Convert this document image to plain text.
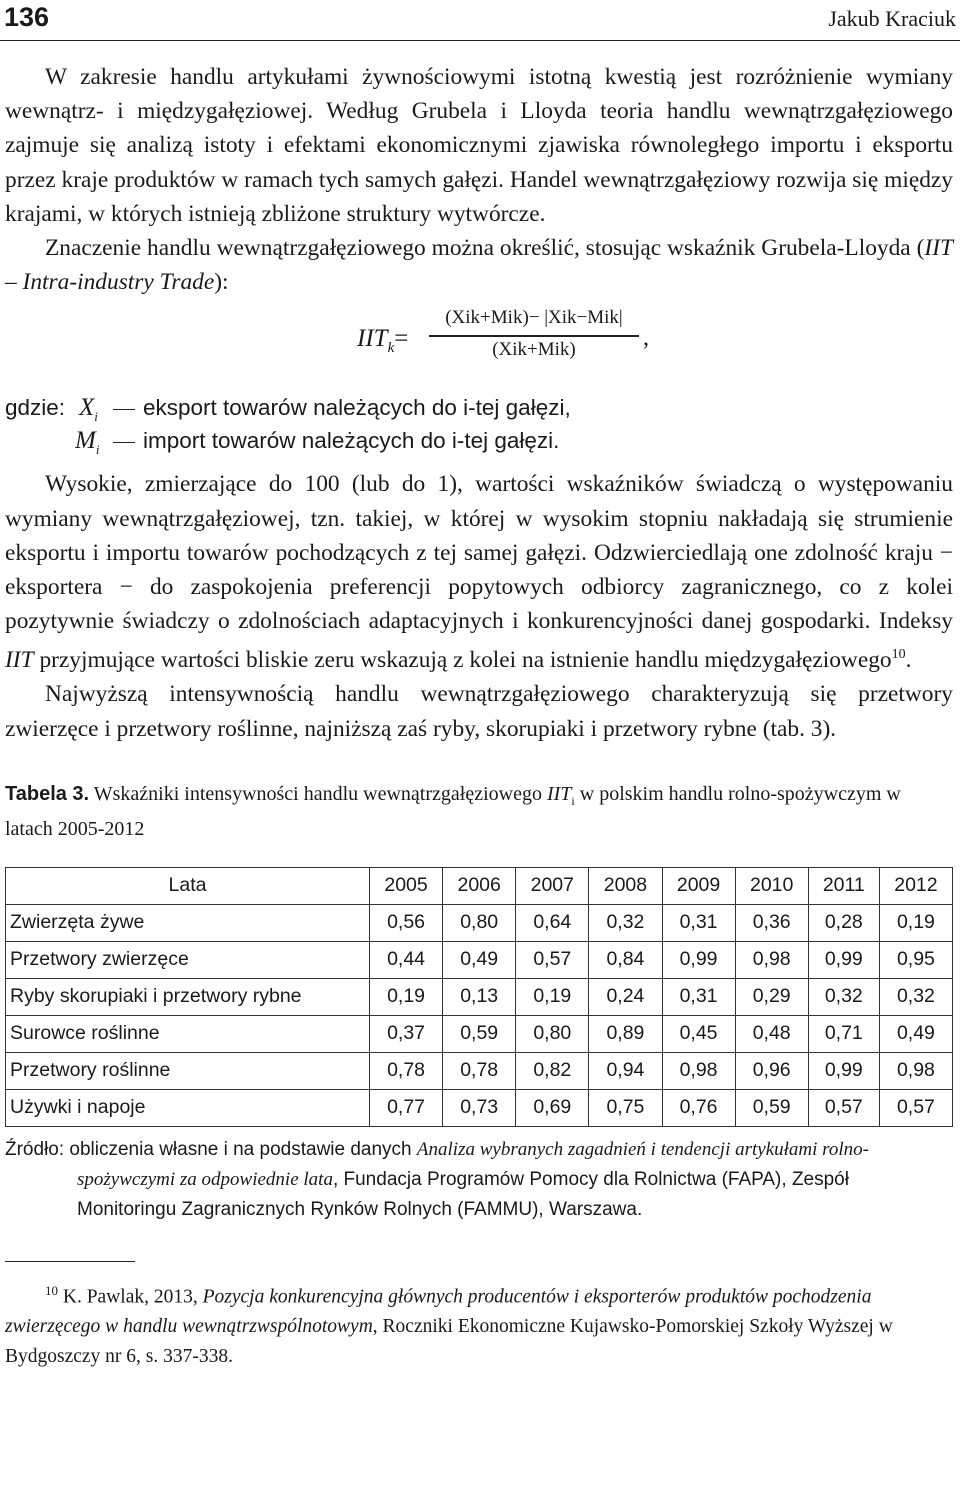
136	Jakub Kraciuk

W zakresie handlu artykułami żywnościowymi istotną kwestią jest rozróżnienie wymiany wewnątrz- i międzygałęziowej. Według Grubela i Lloyda teoria handlu wewnątrzgałęziowego zajmuje się analizą istoty i efektami ekonomicznymi zjawiska równoległego importu i eksportu przez kraje produktów w ramach tych samych gałęzi. Handel wewnątrzgałęziowy rozwija się między krajami, w których istnieją zbliżone struktury wytwórcze.

Znaczenie handlu wewnątrzgałęziowego można określić, stosując wskaźnik Grubela-Lloyda (IIT – Intra-industry Trade):

$IIT_k=$
(Xik+Mik)− |Xik−Mik|
(Xik+Mik)	,
gdzie: $X_i$	eksport towarów należących do i-tej gałęzi,
$M_i$	import towarów należących do i-tej gałęzi.

Wysokie, zmierzające do 100 (lub do 1), wartości wskaźników świadczą o występowaniu wymiany wewnątrzgałęziowej, tzn. takiej, w której w wysokim stopniu nakładają się strumienie eksportu i importu towarów pochodzących z tej samej gałęzi. Odzwierciedlają one zdolność kraju − eksportera − do zaspokojenia preferencji popytowych odbiorcy zagranicznego, co z kolei pozytywnie świadczy o zdolnościach adaptacyjnych i konkurencyjności danej gospodarki. Indeksy IIT przyjmujące wartości bliskie zeru wskazują z kolei na istnienie handlu międzygałęziowego$^{10}$.

Najwyższą intensywnością handlu wewnątrzgałęziowego charakteryzują się przetwory zwierzęce i przetwory roślinne, najniższą zaś ryby, skorupiaki i przetwory rybne (tab. 3).

Tabela 3. Wskaźniki intensywności handlu wewnątrzgałęziowego $IIT_i$ w polskim handlu rolno-spożywczym w latach 2005-2012
Lata	2005	2006	2007	2008	2009	2010	2011	2012
Zwierzęta żywe	0,56	0,80	0,64	0,32	0,31	0,36	0,28	0,19
Przetwory zwierzęce	0,44	0,49	0,57	0,84	0,99	0,98	0,99	0,95
Ryby skorupiaki i przetwory rybne	0,19	0,13	0,19	0,24	0,31	0,29	0,32	0,32
Surowce roślinne	0,37	0,59	0,80	0,89	0,45	0,48	0,71	0,49
Przetwory roślinne	0,78	0,78	0,82	0,94	0,98	0,96	0,99	0,98
Używki i napoje	0,77	0,73	0,69	0,75	0,76	0,59	0,57	0,57
Źródło: obliczenia własne i na podstawie danych Analiza wybranych zagadnień i tendencji artykułami rolno-spożywczymi za odpowiednie lata, Fundacja Programów Pomocy dla Rolnictwa (FAPA), Zespół Monitoringu Zagranicznych Rynków Rolnych (FAMMU), Warszawa.
$^{10}$ K. Pawlak, 2013, Pozycja konkurencyjna głównych producentów i eksporterów produktów pochodzenia zwierzęcego w handlu wewnątrzwspólnotowym, Roczniki Ekonomiczne Kujawsko-Pomorskiej Szkoły Wyższej w Bydgoszczy nr 6, s. 337-338.
